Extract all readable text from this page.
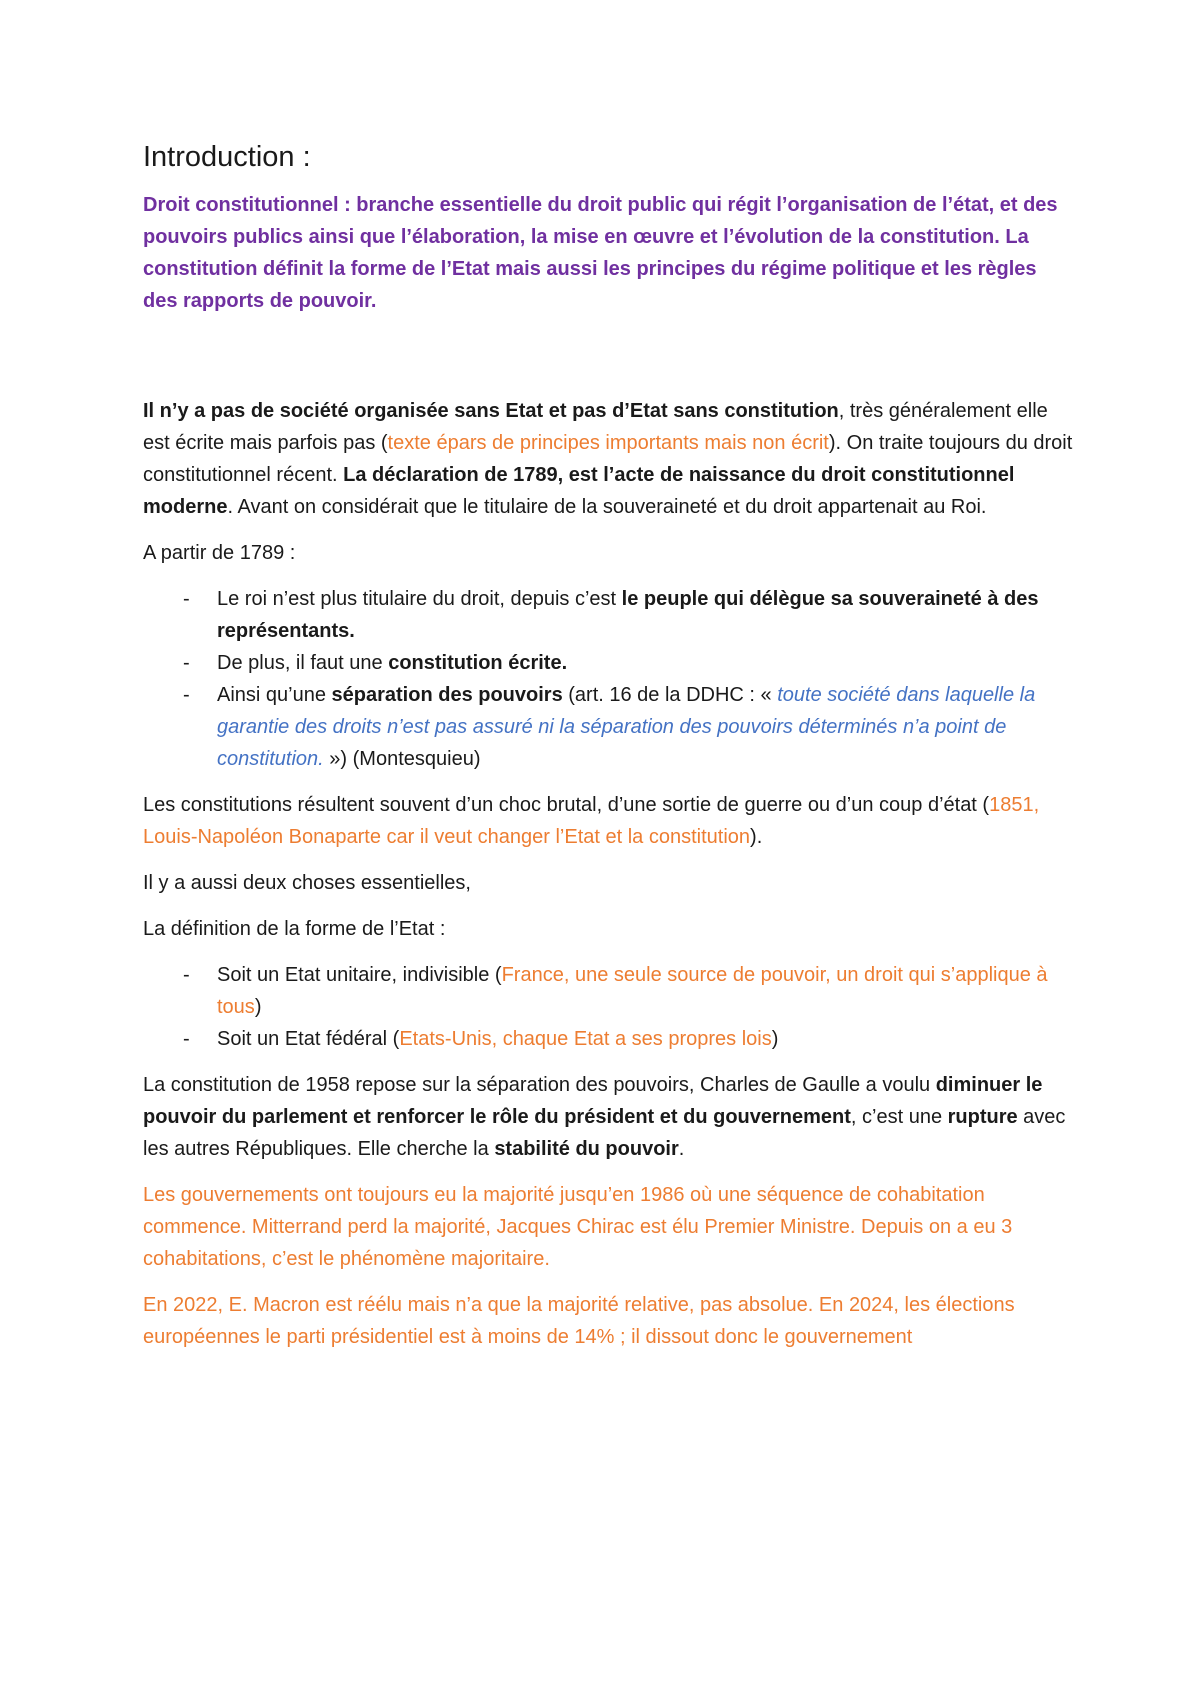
Introduction :

Droit constitutionnel : branche essentielle du droit public qui régit l’organisation de l’état, et des pouvoirs publics ainsi que l’élaboration, la mise en œuvre et l’évolution de la constitution. La constitution définit la forme de l’Etat mais aussi les principes du régime politique et les règles des rapports de pouvoir.

Il n’y a pas de société organisée sans Etat et pas d’Etat sans constitution, très généralement elle est écrite mais parfois pas (texte épars de principes importants mais non écrit). On traite toujours du droit constitutionnel récent. La déclaration de 1789, est l’acte de naissance du droit constitutionnel moderne. Avant on considérait que le titulaire de la souveraineté et du droit appartenait au Roi.

A partir de 1789 :

- Le roi n’est plus titulaire du droit, depuis c’est le peuple qui délègue sa souveraineté à des représentants.
- De plus, il faut une constitution écrite.
- Ainsi qu’une séparation des pouvoirs (art. 16 de la DDHC : « toute société dans laquelle la garantie des droits n’est pas assuré ni la séparation des pouvoirs déterminés n’a point de constitution. ») (Montesquieu)

Les constitutions résultent souvent d’un choc brutal, d’une sortie de guerre ou d’un coup d’état (1851, Louis-Napoléon Bonaparte car il veut changer l’Etat et la constitution).

Il y a aussi deux choses essentielles,

La définition de la forme de l’Etat :

- Soit un Etat unitaire, indivisible (France, une seule source de pouvoir, un droit qui s’applique à tous)
- Soit un Etat fédéral (Etats-Unis, chaque Etat a ses propres lois)

La constitution de 1958 repose sur la séparation des pouvoirs, Charles de Gaulle a voulu diminuer le pouvoir du parlement et renforcer le rôle du président et du gouvernement, c’est une rupture avec les autres Républiques. Elle cherche la stabilité du pouvoir.

Les gouvernements ont toujours eu la majorité jusqu’en 1986 où une séquence de cohabitation commence. Mitterrand perd la majorité, Jacques Chirac est élu Premier Ministre. Depuis on a eu 3 cohabitations, c’est le phénomène majoritaire.

En 2022, E. Macron est réélu mais n’a que la majorité relative, pas absolue. En 2024, les élections européennes le parti présidentiel est à moins de 14% ; il dissout donc le gouvernement
